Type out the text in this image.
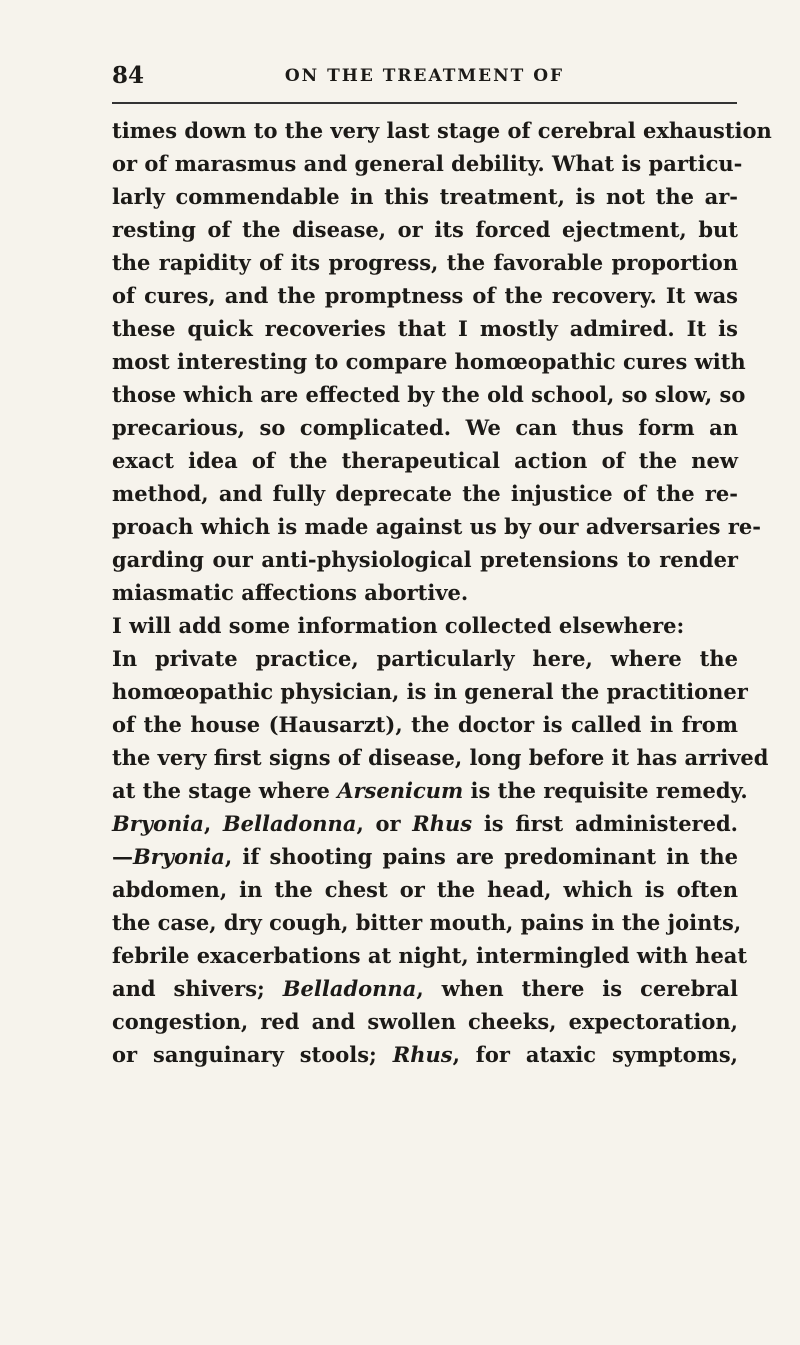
84	ON THE TREATMENT OF
times down to the very last stage of cerebral exhaustion
or of marasmus and general debility. What is particu-
larly commendable in this treatment, is not the ar-
resting of the disease, or its forced ejectment, but
the rapidity of its progress, the favorable proportion
of cures, and the promptness of the recovery. It was
these quick recoveries that I mostly admired. It is
most interesting to compare homœopathic cures with
those which are effected by the old school, so slow, so
precarious, so complicated. We can thus form an
exact idea of the therapeutical action of the new
method, and fully deprecate the injustice of the re-
proach which is made against us by our adversaries re-
garding our anti-physiological pretensions to render
miasmatic affections abortive.
I will add some information collected elsewhere:
In private practice, particularly here, where the
homœopathic physician, is in general the practitioner
of the house (Hausarzt), the doctor is called in from
the very first signs of disease, long before it has arrived
at the stage where Arsenicum is the requisite remedy.
Bryonia, Belladonna, or Rhus is first administered.
—Bryonia, if shooting pains are predominant in the
abdomen, in the chest or the head, which is often
the case, dry cough, bitter mouth, pains in the joints,
febrile exacerbations at night, intermingled with heat
and shivers; Belladonna, when there is cerebral
congestion, red and swollen cheeks, expectoration,
or sanguinary stools; Rhus, for ataxic symptoms,
